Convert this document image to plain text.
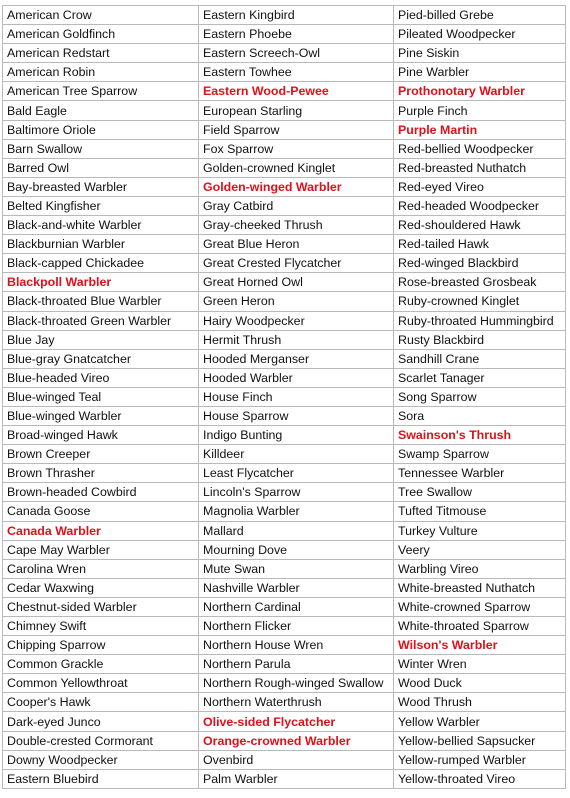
American Crow	Eastern Kingbird	Pied-billed Grebe
American Goldfinch	Eastern Phoebe	Pileated Woodpecker
American Redstart	Eastern Screech-Owl	Pine Siskin
American Robin	Eastern Towhee	Pine Warbler
American Tree Sparrow	Eastern Wood-Pewee	Prothonotary Warbler
Bald Eagle	European Starling	Purple Finch
Baltimore Oriole	Field Sparrow	Purple Martin
Barn Swallow	Fox Sparrow	Red-bellied Woodpecker
Barred Owl	Golden-crowned Kinglet	Red-breasted Nuthatch
Bay-breasted Warbler	Golden-winged Warbler	Red-eyed Vireo
Belted Kingfisher	Gray Catbird	Red-headed Woodpecker
Black-and-white Warbler	Gray-cheeked Thrush	Red-shouldered Hawk
Blackburnian Warbler	Great Blue Heron	Red-tailed Hawk
Black-capped Chickadee	Great Crested Flycatcher	Red-winged Blackbird
Blackpoll Warbler	Great Horned Owl	Rose-breasted Grosbeak
Black-throated Blue Warbler	Green Heron	Ruby-crowned Kinglet
Black-throated Green Warbler	Hairy Woodpecker	Ruby-throated Hummingbird
Blue Jay	Hermit Thrush	Rusty Blackbird
Blue-gray Gnatcatcher	Hooded Merganser	Sandhill Crane
Blue-headed Vireo	Hooded Warbler	Scarlet Tanager
Blue-winged Teal	House Finch	Song Sparrow
Blue-winged Warbler	House Sparrow	Sora
Broad-winged Hawk	Indigo Bunting	Swainson's Thrush
Brown Creeper	Killdeer	Swamp Sparrow
Brown Thrasher	Least Flycatcher	Tennessee Warbler
Brown-headed Cowbird	Lincoln's Sparrow	Tree Swallow
Canada Goose	Magnolia Warbler	Tufted Titmouse
Canada Warbler	Mallard	Turkey Vulture
Cape May Warbler	Mourning Dove	Veery
Carolina Wren	Mute Swan	Warbling Vireo
Cedar Waxwing	Nashville Warbler	White-breasted Nuthatch
Chestnut-sided Warbler	Northern Cardinal	White-crowned Sparrow
Chimney Swift	Northern Flicker	White-throated Sparrow
Chipping Sparrow	Northern House Wren	Wilson's Warbler
Common Grackle	Northern Parula	Winter Wren
Common Yellowthroat	Northern Rough-winged Swallow	Wood Duck
Cooper's Hawk	Northern Waterthrush	Wood Thrush
Dark-eyed Junco	Olive-sided Flycatcher	Yellow Warbler
Double-crested Cormorant	Orange-crowned Warbler	Yellow-bellied Sapsucker
Downy Woodpecker	Ovenbird	Yellow-rumped Warbler
Eastern Bluebird	Palm Warbler	Yellow-throated Vireo
